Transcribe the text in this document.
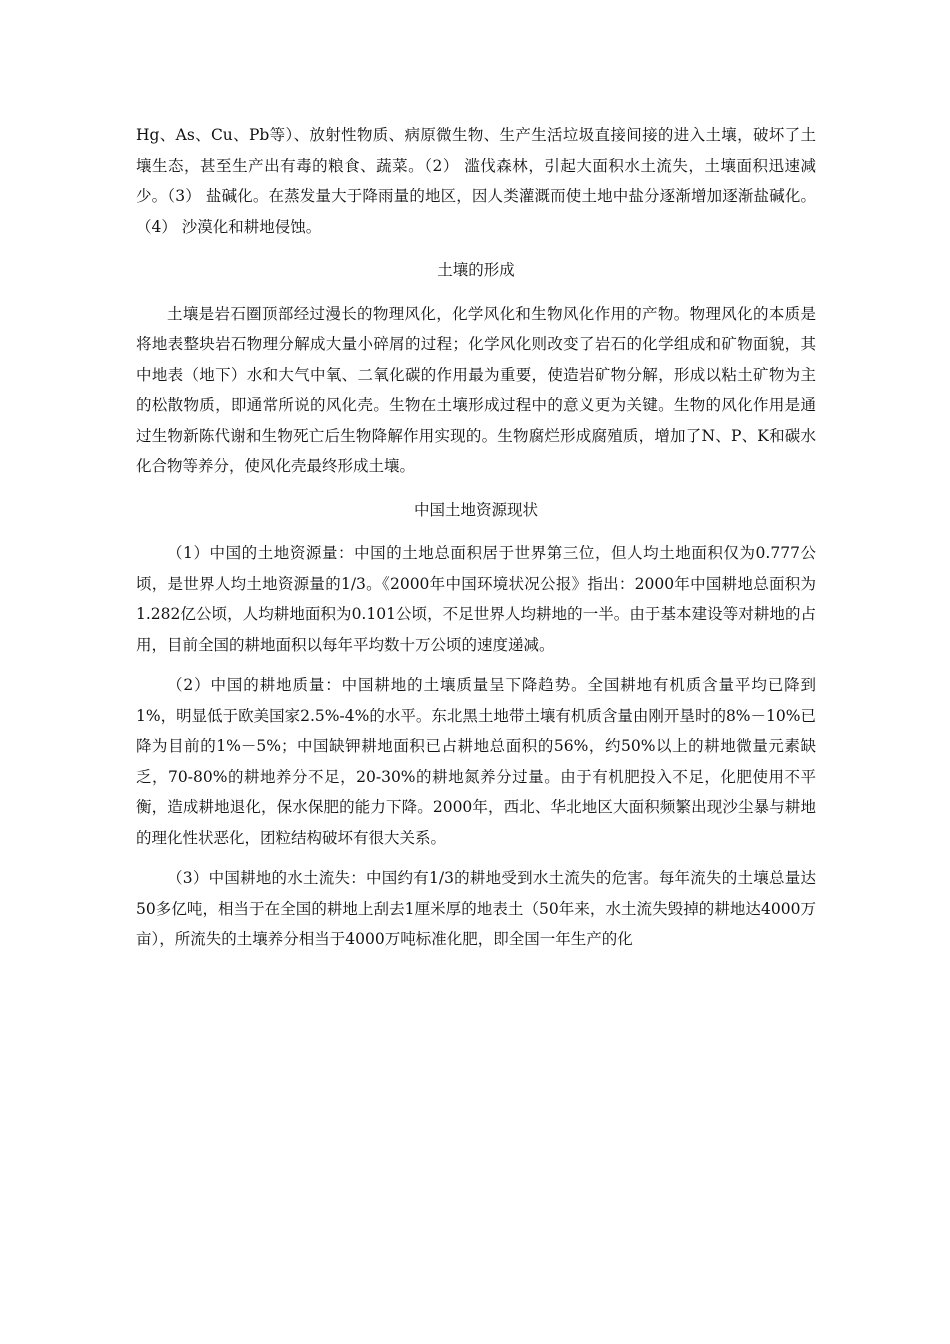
Hg、As、Cu、Pb等）、放射性物质、病原微生物、生产生活垃圾直接间接的进入土壤，破坏了土壤生态，甚至生产出有毒的粮食、蔬菜。（2） 滥伐森林，引起大面积水土流失，土壤面积迅速减少。（3） 盐碱化。在蒸发量大于降雨量的地区，因人类灌溉而使土地中盐分逐渐增加逐渐盐碱化。（4） 沙漠化和耕地侵蚀。

土壤的形成

土壤是岩石圈顶部经过漫长的物理风化，化学风化和生物风化作用的产物。物理风化的本质是将地表整块岩石物理分解成大量小碎屑的过程；化学风化则改变了岩石的化学组成和矿物面貌，其中地表（地下）水和大气中氧、二氧化碳的作用最为重要，使造岩矿物分解，形成以粘土矿物为主的松散物质，即通常所说的风化壳。生物在土壤形成过程中的意义更为关键。生物的风化作用是通过生物新陈代谢和生物死亡后生物降解作用实现的。生物腐烂形成腐殖质，增加了N、P、K和碳水化合物等养分，使风化壳最终形成土壤。

中国土地资源现状

（1）中国的土地资源量：中国的土地总面积居于世界第三位，但人均土地面积仅为0.777公顷，是世界人均土地资源量的1/3。《2000年中国环境状况公报》指出：2000年中国耕地总面积为1.282亿公顷，人均耕地面积为0.101公顷，不足世界人均耕地的一半。由于基本建设等对耕地的占用，目前全国的耕地面积以每年平均数十万公顷的速度递减。

（2）中国的耕地质量：中国耕地的土壤质量呈下降趋势。全国耕地有机质含量平均已降到1%，明显低于欧美国家2.5%-4%的水平。东北黑土地带土壤有机质含量由刚开垦时的8%－10%已降为目前的1%－5%；中国缺钾耕地面积已占耕地总面积的56%，约50%以上的耕地微量元素缺乏，70-80%的耕地养分不足，20-30%的耕地氮养分过量。由于有机肥投入不足，化肥使用不平衡，造成耕地退化，保水保肥的能力下降。2000年，西北、华北地区大面积频繁出现沙尘暴与耕地的理化性状恶化，团粒结构破坏有很大关系。

（3）中国耕地的水土流失：中国约有1/3的耕地受到水土流失的危害。每年流失的土壤总量达50多亿吨，相当于在全国的耕地上刮去1厘米厚的地表土（50年来，水土流失毁掉的耕地达4000万亩），所流失的土壤养分相当于4000万吨标准化肥，即全国一年生产的化
